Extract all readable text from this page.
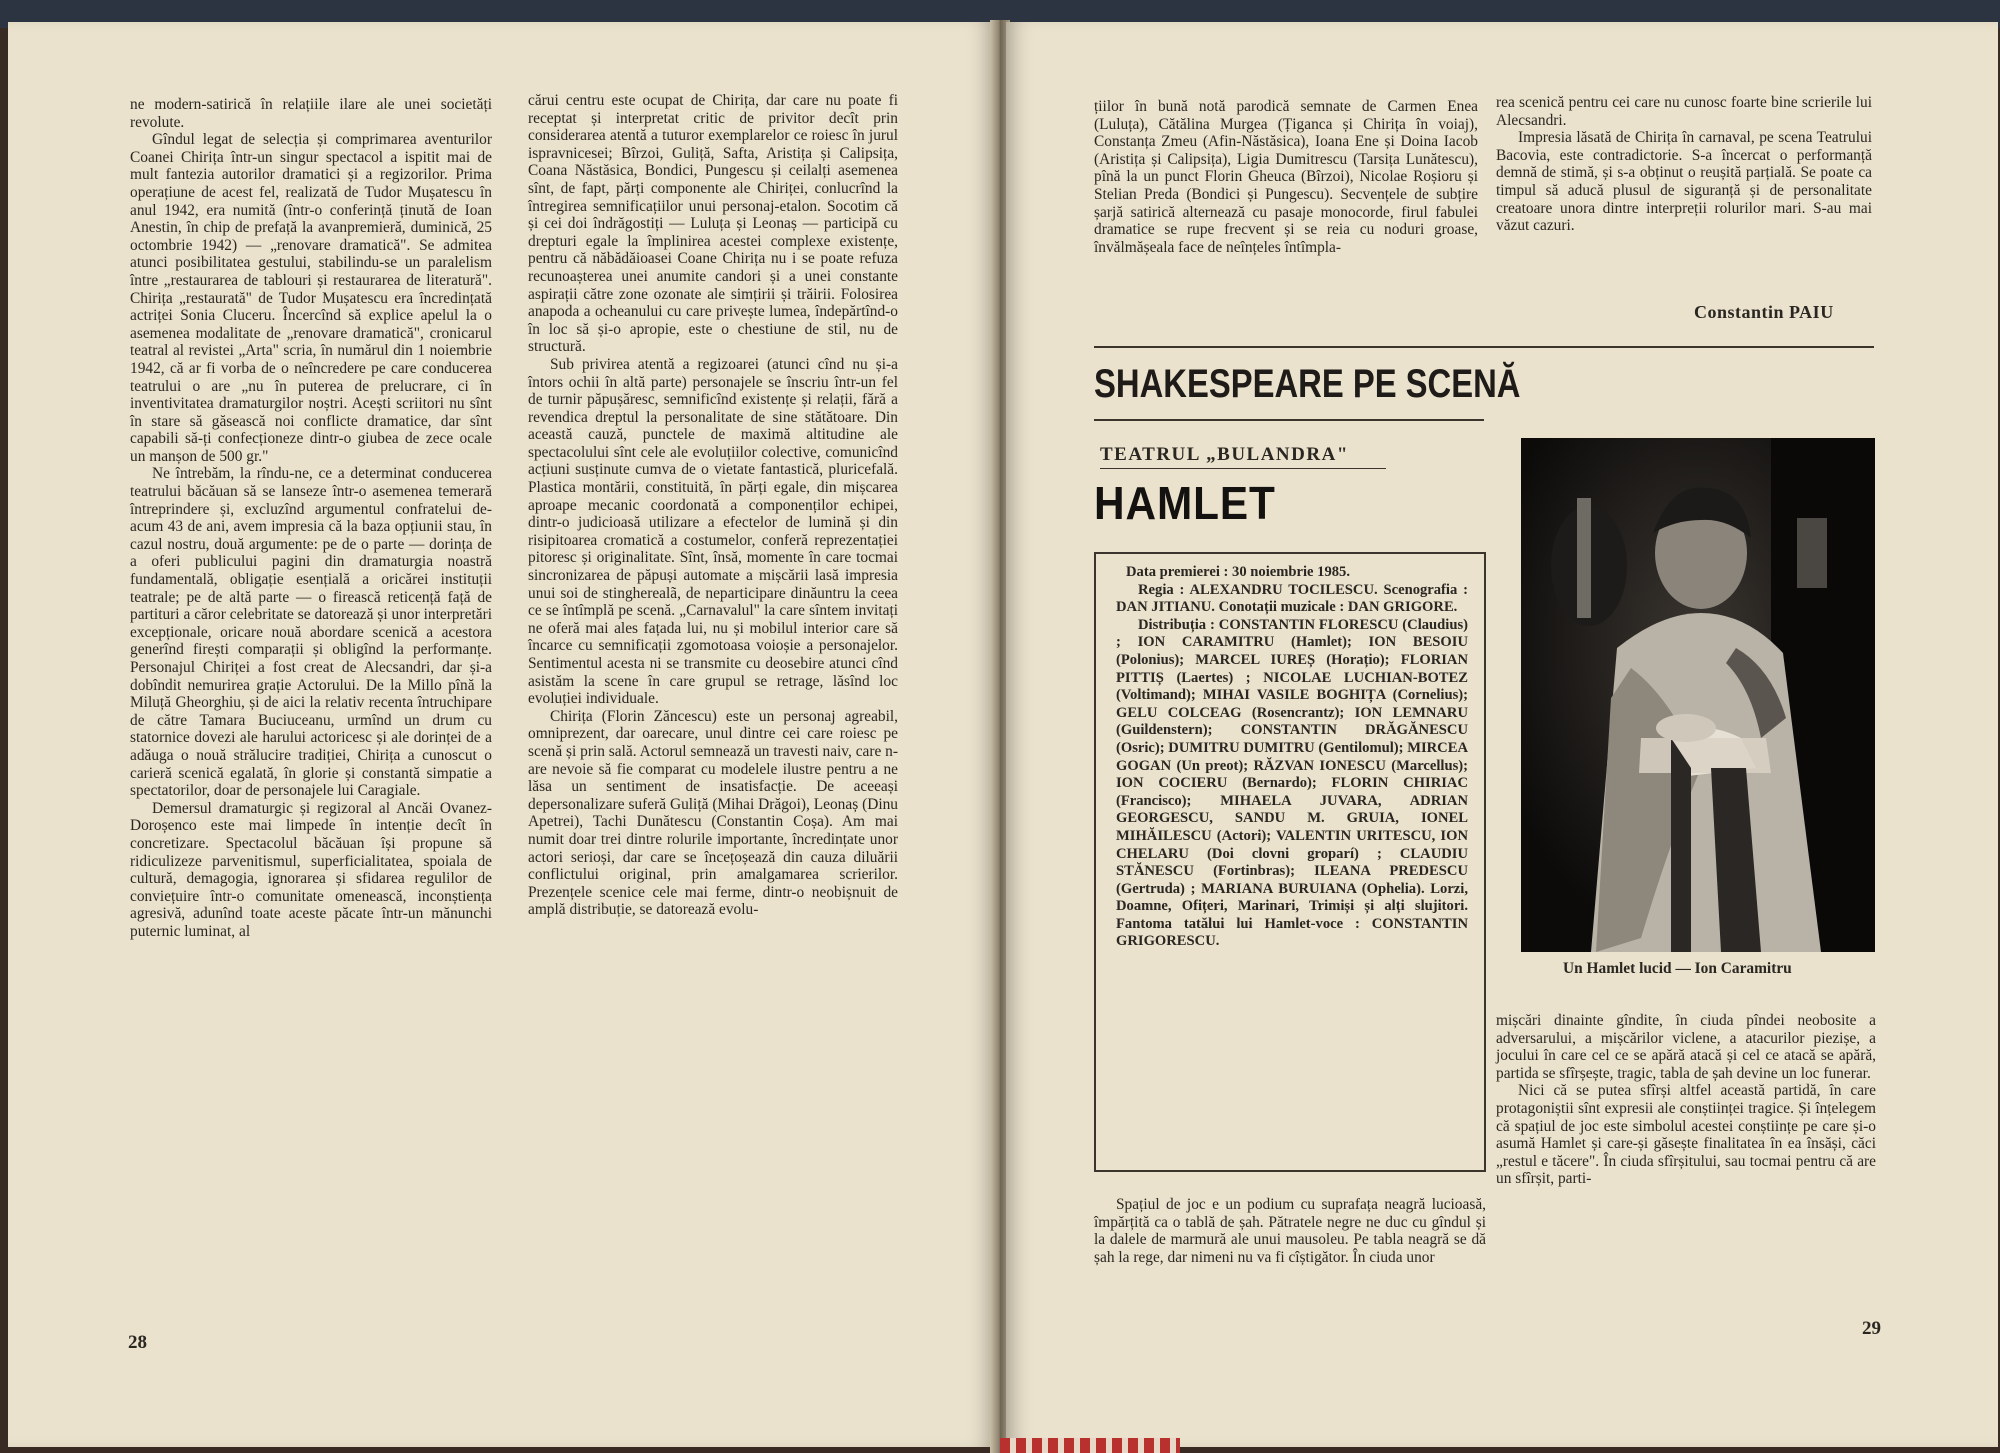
ne modern-satirică în relațiile ilare ale unei societăți revolute.

Gîndul legat de selecția și comprimarea aventurilor Coanei Chirița într-un singur spectacol a ispitit mai de mult fantezia autorilor dramatici și a regizorilor. Prima operațiune de acest fel, realizată de Tudor Mușatescu în anul 1942, era numită (într-o conferință ținută de Ioan Anestin, în chip de prefață la avanpremieră, duminică, 25 octombrie 1942) — „renovare dramatică". Se admitea atunci posibilitatea gestului, stabilindu-se un paralelism între „restaurarea de tablouri și restaurarea de literatură". Chirița „restaurată" de Tudor Mușatescu era încredințată actriței Sonia Cluceru. Încercînd să explice apelul la o asemenea modalitate de „renovare dramatică", cronicarul teatral al revistei „Arta" scria, în numărul din 1 noiembrie 1942, că ar fi vorba de o neîncredere pe care conducerea teatrului o are „nu în puterea de prelucrare, ci în inventivitatea dramaturgilor noștri. Acești scriitori nu sînt în stare să găsească noi conflicte dramatice, dar sînt capabili să-ți confecționeze dintr-o giubea de zece ocale un manșon de 500 gr."

Ne întrebăm, la rîndu-ne, ce a determinat conducerea teatrului băcăuan să se lanseze într-o asemenea temerară întreprindere și, excluzînd argumentul confratelui de-acum 43 de ani, avem impresia că la baza opțiunii stau, în cazul nostru, două argumente: pe de o parte — dorința de a oferi publicului pagini din dramaturgia noastră fundamentală, obligație esențială a oricărei instituții teatrale; pe de altă parte — o firească reticență față de partituri a căror celebritate se datorează și unor interpretări excepționale, oricare nouă abordare scenică a acestora generînd firești comparații și obligînd la performanțe. Personajul Chiriței a fost creat de Alecsandri, dar și-a dobîndit nemurirea grație Actorului. De la Millo pînă la Miluță Gheorghiu, și de aici la relativ recenta întruchipare de către Tamara Buciuceanu, urmînd un drum cu statornice dovezi ale harului actoricesc și ale dorinței de a adăuga o nouă strălucire tradiției, Chirița a cunoscut o carieră scenică egalată, în glorie și constantă simpatie a spectatorilor, doar de personajele lui Caragiale.

Demersul dramaturgic și regizoral al Ancăi Ovanez-Doroșenco este mai limpede în intenție decît în concretizare. Spectacolul băcăuan își propune să ridiculizeze parvenitismul, superficialitatea, spoiala de cultură, demagogia, ignorarea și sfidarea regulilor de conviețuire într-o comunitate omenească, inconștiența agresivă, adunînd toate aceste păcate într-un mănunchi puternic luminat, al

cărui centru este ocupat de Chirița, dar care nu poate fi receptat și interpretat critic de privitor decît prin considerarea atentă a tuturor exemplarelor ce roiesc în jurul ispravnicesei; Bîrzoi, Guliță, Safta, Aristița și Calipsița, Coana Năstăsica, Bondici, Pungescu și ceilalți asemenea sînt, de fapt, părți componente ale Chiriței, conlucrînd la întregirea semnificațiilor unui personaj-etalon. Socotim că și cei doi îndrăgostiți — Luluța și Leonaș — participă cu drepturi egale la împlinirea acestei complexe existențe, pentru că năbădăioasei Coane Chirița nu i se poate refuza recunoașterea unei anumite candori și a unei constante aspirații către zone ozonate ale simțirii și trăirii. Folosirea anapoda a ocheanului cu care privește lumea, îndepărtînd-o în loc să și-o apropie, este o chestiune de stil, nu de structură.

Sub privirea atentă a regizoarei (atunci cînd nu și-a întors ochii în altă parte) personajele se înscriu într-un fel de turnir păpușăresc, semnificînd existențe și relații, fără a revendica dreptul la personalitate de sine stătătoare. Din această cauză, punctele de maximă altitudine ale spectacolului sînt cele ale evoluțiilor colective, comunicînd acțiuni susținute cumva de o vietate fantastică, pluricefală. Plastica montării, constituită, în părți egale, din mișcarea aproape mecanic coordonată a componenților echipei, dintr-o judicioasă utilizare a efectelor de lumină și din risipitoarea cromatică a costumelor, conferă reprezentației pitoresc și originalitate. Sînt, însă, momente în care tocmai sincronizarea de păpuși automate a mișcării lasă impresia unui soi de stingherealã, de neparticipare dinăuntru la ceea ce se întîmplă pe scenă. „Carnavalul" la care sîntem invitați ne oferă mai ales fațada lui, nu și mobilul interior care să încarce cu semnificații zgomotoasa voioșie a personajelor. Sentimentul acesta ni se transmite cu deosebire atunci cînd asistăm la scene în care grupul se retrage, lăsînd loc evoluției individuale.

Chirița (Florin Zăncescu) este un personaj agreabil, omniprezent, dar oarecare, unul dintre cei care roiesc pe scenă și prin sală. Actorul semnează un travesti naiv, care n-are nevoie să fie comparat cu modelele ilustre pentru a ne lăsa un sentiment de insatisfacție. De aceeași depersonalizare suferă Guliță (Mihai Drăgoi), Leonaș (Dinu Apetrei), Tachi Dunătescu (Constantin Coșa). Am mai numit doar trei dintre rolurile importante, încredințate unor actori serioși, dar care se încețoșează din cauza diluării conflictului original, prin amalgamarea scrierilor. Prezențele scenice cele mai ferme, dintr-o neobișnuit de amplă distribuție, se datorează evolu-

28

țiilor în bună notă parodică semnate de Carmen Enea (Luluța), Cătălina Murgea (Țiganca și Chirița în voiaj), Constanța Zmeu (Afin-Năstăsica), Ioana Ene și Doina Iacob (Aristița și Calipsița), Ligia Dumitrescu (Tarsița Lunătescu), pînă la un punct Florin Gheuca (Bîrzoi), Nicolae Roșioru și Stelian Preda (Bondici și Pungescu). Secvențele de subțire șarjă satirică alternează cu pasaje monocorde, firul fabulei dramatice se rupe frecvent și se reia cu noduri groase, învălmășeala face de neînțeles întîmpla-

rea scenică pentru cei care nu cunosc foarte bine scrierile lui Alecsandri.

Impresia lăsată de Chirița în carnaval, pe scena Teatrului Bacovia, este contradictorie. S-a încercat o performanță demnă de stimă, și s-a obținut o reușită parțială. Se poate ca timpul să aducă plusul de siguranță și de personalitate creatoare unora dintre interpreții rolurilor mari. S-au mai văzut cazuri.

Constantin PAIU
SHAKESPEARE PE SCENĂ
TEATRUL „BULANDRA"
HAMLET

Data premierei : 30 noiembrie 1985.

Regia : ALEXANDRU TOCILESCU. Scenografia : DAN JITIANU. Conotații muzicale : DAN GRIGORE.

Distribuția : CONSTANTIN FLORESCU (Claudius) ; ION CARAMITRU (Hamlet); ION BESOIU (Polonius); MARCEL IUREȘ (Horațio); FLORIAN PITTIȘ (Laertes) ; NICOLAE LUCHIAN-BOTEZ (Voltimand); MIHAI VASILE BOGHIȚA (Cornelius); GELU COLCEAG (Rosencrantz); ION LEMNARU (Guildenstern); CONSTANTIN DRĂGĂNESCU (Osric); DUMITRU DUMITRU (Gentilomul); MIRCEA GOGAN (Un preot); RĂZVAN IONESCU (Marcellus); ION COCIERU (Bernardo); FLORIN CHIRIAC (Francisco); MIHAELA JUVARA, ADRIAN GEORGESCU, SANDU M. GRUIA, IONEL MIHĂILESCU (Actori); VALENTIN URITESCU, ION CHELARU (Doi clovni groparí) ; CLAUDIU STĂNESCU (Fortinbras); ILEANA PREDESCU (Gertruda) ; MARIANA BURUIANA (Ophelia). Lorzi, Doamne, Ofițeri, Marinari, Trimiși și alți slujitori. Fantoma tatălui lui Hamlet-voce : CONSTANTIN GRIGORESCU.

Un Hamlet lucid — Ion Caramitru

Spațiul de joc e un podium cu suprafața neagră lucioasă, împărțită ca o tablă de șah. Pătratele negre ne duc cu gîndul și la dalele de marmură ale unui mausoleu. Pe tabla neagră se dă șah la rege, dar nimeni nu va fi cîștigător. În ciuda unor

mișcări dinainte gîndite, în ciuda pîndei neobosite a adversarului, a mișcărilor viclene, a atacurilor piezișe, a jocului în care cel ce se apără atacă și cel ce atacă se apără, partida se sfîrșește, tragic, tabla de șah devine un loc funerar.

Nici că se putea sfîrși altfel această partidă, în care protagoniștii sînt expresii ale conștiinței tragice. Și înțelegem că spațiul de joc este simbolul acestei conștiințe pe care și-o asumă Hamlet și care-și găsește finalitatea în ea însăși, căci „restul e tăcere". În ciuda sfîrșitului, sau tocmai pentru că are un sfîrșit, parti-

29
